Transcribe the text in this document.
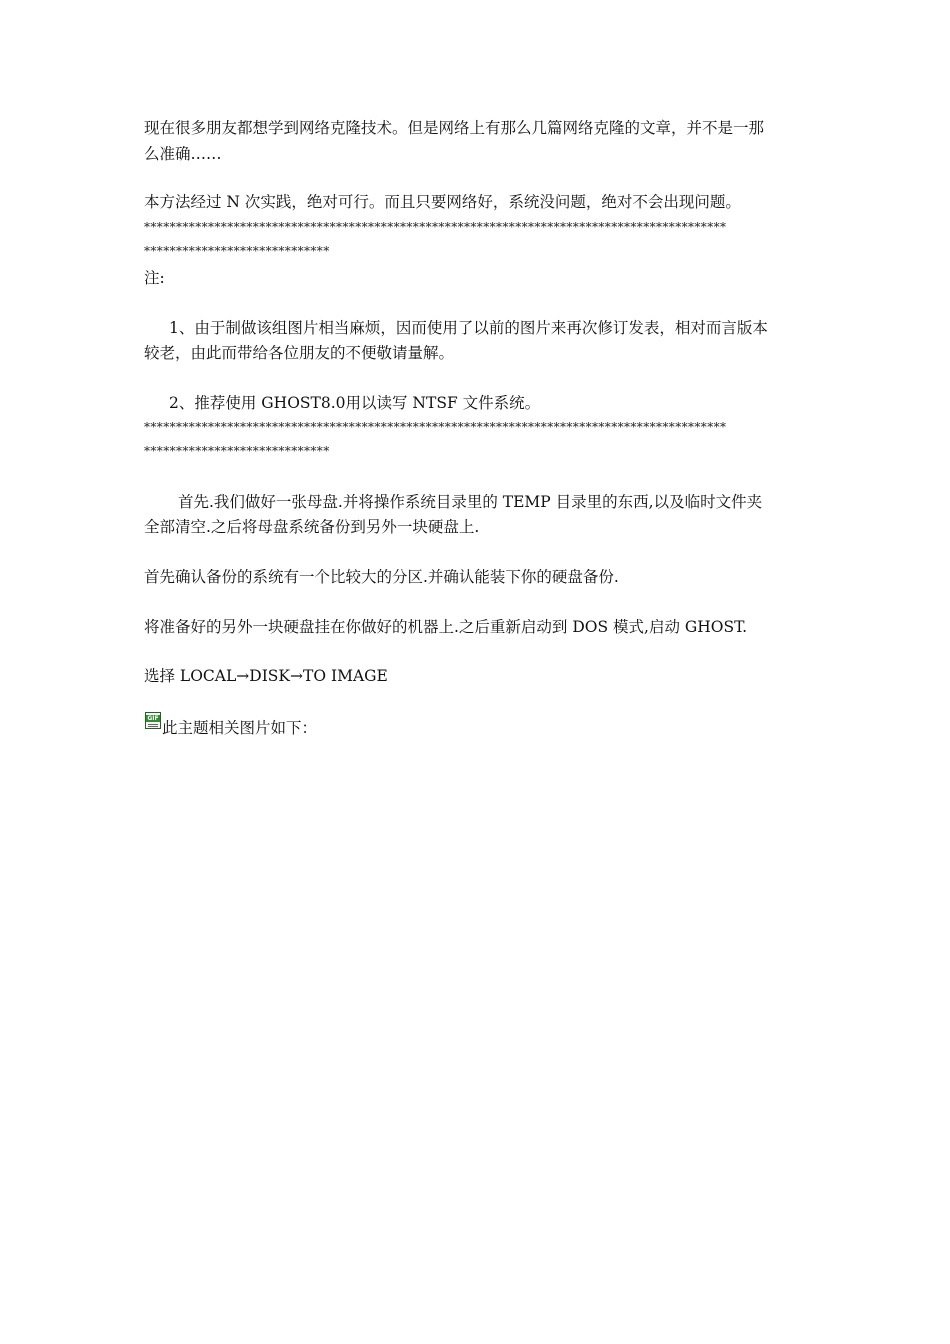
现在很多朋友都想学到网络克隆技术。但是网络上有那么几篇网络克隆的文章，并不是一那
么准确……
本方法经过 N 次实践，绝对可行。而且只要网络好，系统没问题，绝对不会出现问题。
*******************************************************************************************
*****************************
注:
1、由于制做该组图片相当麻烦，因而使用了以前的图片来再次修订发表，相对而言版本
较老，由此而带给各位朋友的不便敬请量解。
2、推荐使用 GHOST8.0用以读写 NTSF 文件系统。
*******************************************************************************************
*****************************
首先.我们做好一张母盘.并将操作系统目录里的 TEMP 目录里的东西,以及临时文件夹
全部清空.之后将母盘系统备份到另外一块硬盘上.
首先确认备份的系统有一个比较大的分区.并确认能装下你的硬盘备份.
将准备好的另外一块硬盘挂在你做好的机器上.之后重新启动到 DOS 模式,启动 GHOST.
选择 LOCAL→DISK→TO IMAGE
GIF
此主题相关图片如下：
